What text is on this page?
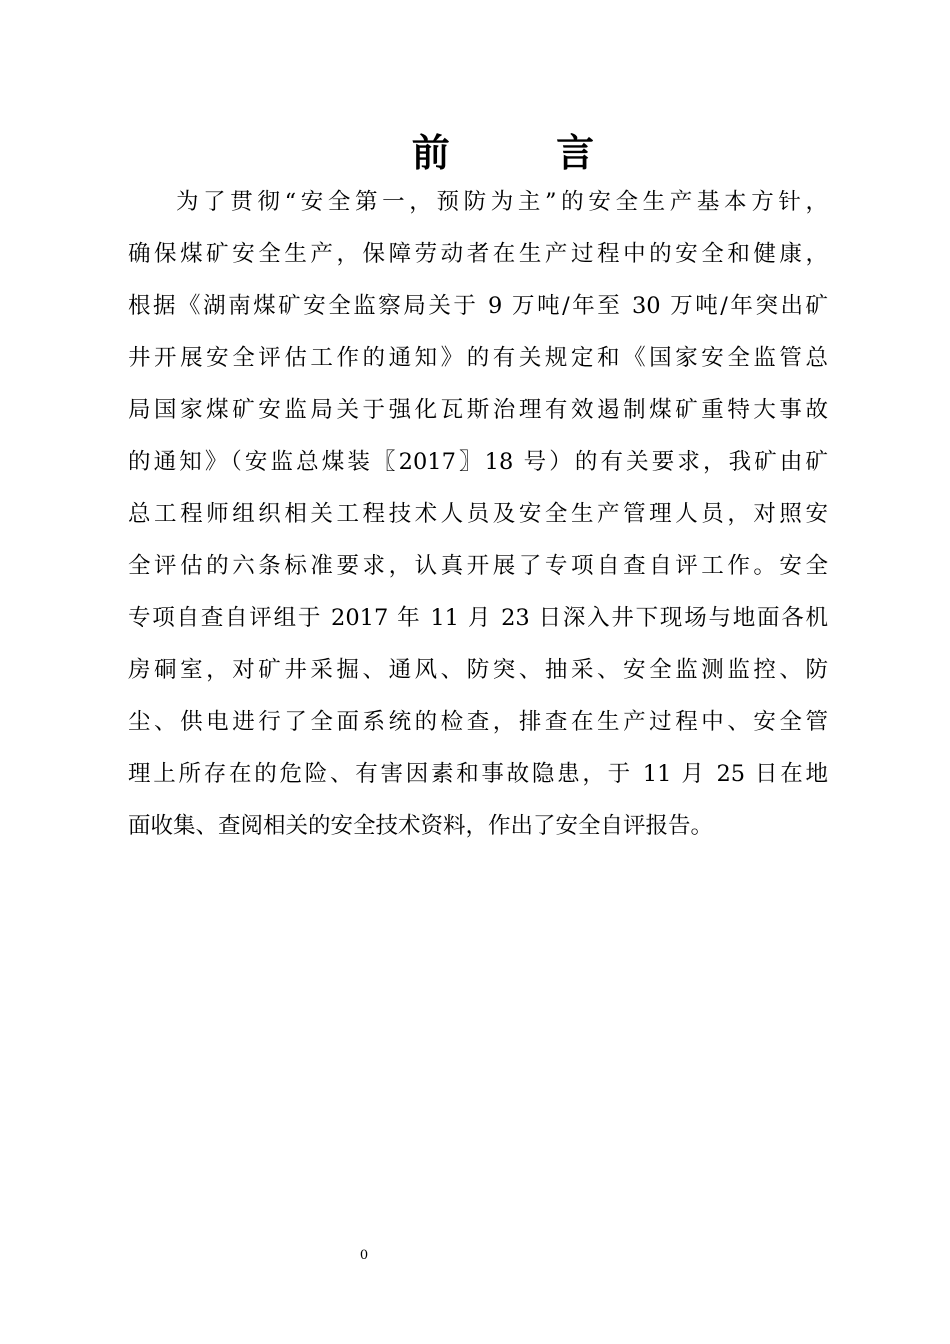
前　言
为了贯彻“安全第一，预防为主”的安全生产基本方针，
确保煤矿安全生产，保障劳动者在生产过程中的安全和健康，
根据《湖南煤矿安全监察局关于 9 万吨/年至 30 万吨/年突出矿
井开展安全评估工作的通知》的有关规定和《国家安全监管总
局国家煤矿安监局关于强化瓦斯治理有效遏制煤矿重特大事故
的通知》（安监总煤装〖2017〗18 号）的有关要求，我矿由矿
总工程师组织相关工程技术人员及安全生产管理人员，对照安
全评估的六条标准要求，认真开展了专项自查自评工作。安全
专项自查自评组于 2017 年 11 月 23 日深入井下现场与地面各机
房硐室，对矿井采掘、通风、防突、抽采、安全监测监控、防
尘、供电进行了全面系统的检查，排查在生产过程中、安全管
理上所存在的危险、有害因素和事故隐患，于 11 月 25 日在地
面收集、查阅相关的安全技术资料，作出了安全自评报告。
0
